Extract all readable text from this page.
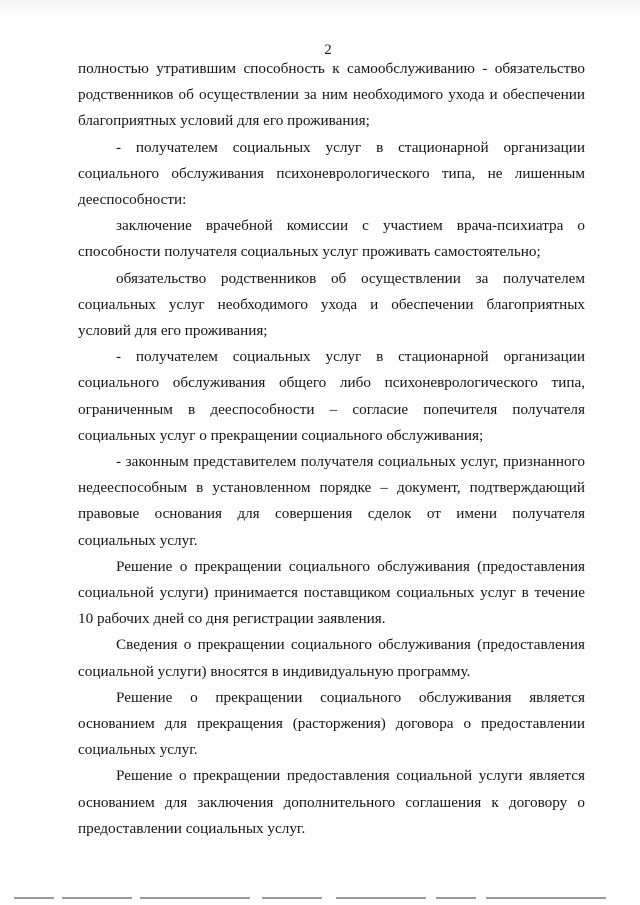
2

полностью утратившим способность к самообслуживанию - обязательство родственников об осуществлении за ним необходимого ухода и обеспечении благоприятных условий для его проживания;

- получателем социальных услуг в стационарной организации социального обслуживания психоневрологического типа, не лишенным дееспособности:

заключение врачебной комиссии с участием врача-психиатра о способности получателя социальных услуг проживать самостоятельно;

обязательство родственников об осуществлении за получателем социальных услуг необходимого ухода и обеспечении благоприятных условий для его проживания;

- получателем социальных услуг в стационарной организации социального обслуживания общего либо психоневрологического типа, ограниченным в дееспособности – согласие попечителя получателя социальных услуг о прекращении социального обслуживания;

- законным представителем получателя социальных услуг, признанного недееспособным в установленном порядке – документ, подтверждающий правовые основания для совершения сделок от имени получателя социальных услуг.

Решение о прекращении социального обслуживания (предоставления социальной услуги) принимается поставщиком социальных услуг в течение 10 рабочих дней со дня регистрации заявления.

Сведения о прекращении социального обслуживания (предоставления социальной услуги) вносятся в индивидуальную программу.

Решение о прекращении социального обслуживания является основанием для прекращения (расторжения) договора о предоставлении социальных услуг.

Решение о прекращении предоставления социальной услуги является основанием для заключения дополнительного соглашения к договору о предоставлении социальных услуг.
